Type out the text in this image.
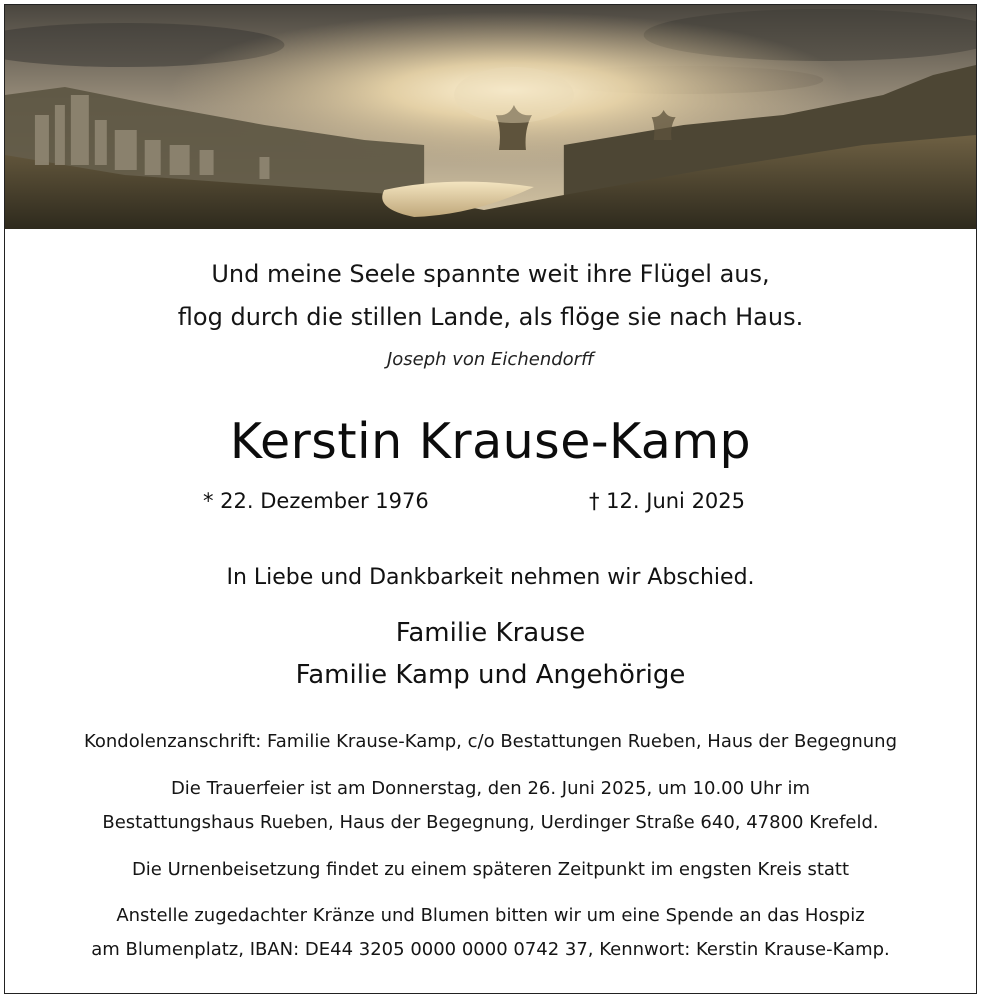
Und meine Seele spannte weit ihre Flügel aus,
flog durch die stillen Lande, als flöge sie nach Haus.
Joseph von Eichendorff
Kerstin Krause-Kamp
* 22. Dezember 1976	† 12. Juni 2025
In Liebe und Dankbarkeit nehmen wir Abschied.
Familie Krause
Familie Kamp und Angehörige
Kondolenzanschrift: Familie Krause-Kamp, c/o Bestattungen Rueben, Haus der Begegnung
Die Trauerfeier ist am Donnerstag, den 26. Juni 2025, um 10.00 Uhr im
Bestattungshaus Rueben, Haus der Begegnung, Uerdinger Straße 640, 47800 Krefeld.
Die Urnenbeisetzung findet zu einem späteren Zeitpunkt im engsten Kreis statt
Anstelle zugedachter Kränze und Blumen bitten wir um eine Spende an das Hospiz
am Blumenplatz, IBAN: DE44 3205 0000 0000 0742 37, Kennwort: Kerstin Krause-Kamp.
